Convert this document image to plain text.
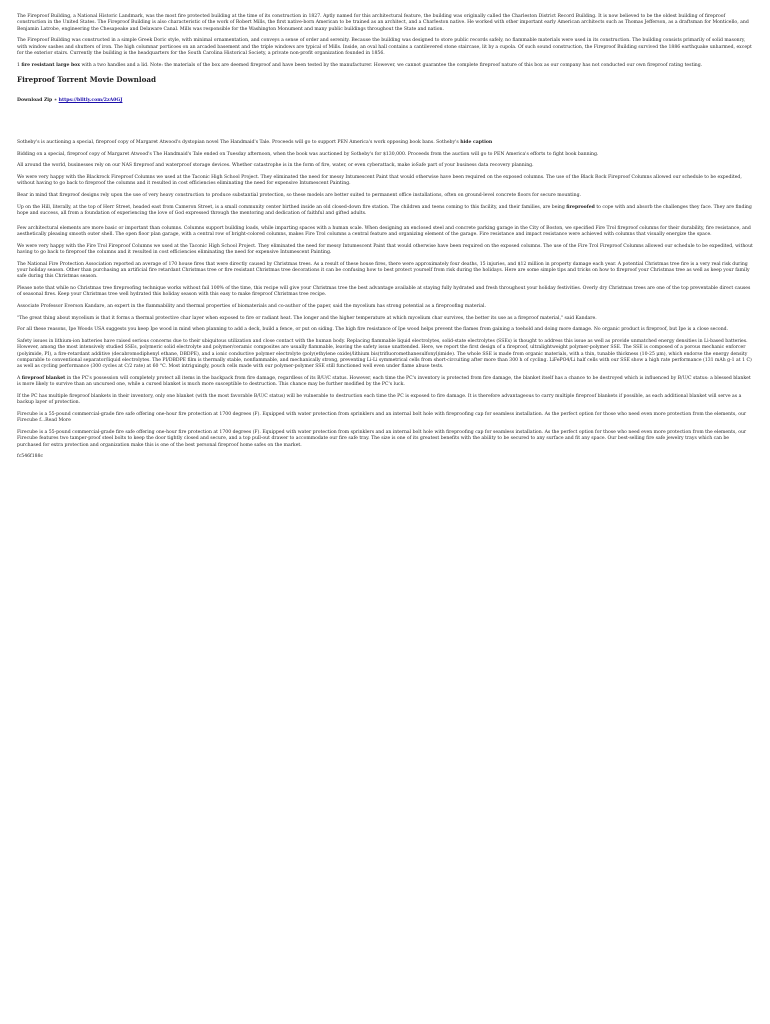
The Fireproof Building, a National Historic Landmark, was the most fire protected building at the time of its construction in 1827. Aptly named for this architectural feature, the building was originally called the Charleston District Record Building. It is now believed to be the oldest building of fireproof construction in the United States. The Fireproof Building is also characteristic of the work of Robert Mills, the first native-born American to be trained as an architect, and a Charleston native. He worked with other important early American architects such as Thomas Jefferson, as a draftsman for Monticello, and Benjamin Latrobe, engineering the Chesapeake and Delaware Canal. Mills was responsible for the Washington Monument and many public buildings throughout the State and nation.

The Fireproof Building was constructed in a simple Greek Doric style, with minimal ornamentation, and conveys a sense of order and serenity. Because the building was designed to store public records safely, no flammable materials were used in its construction. The building consists primarily of solid masonry, with window sashes and shutters of iron. The high columnar porticoes on an arcaded basement and the triple windows are typical of Mills. Inside, an oval hall contains a cantilevered stone staircase, lit by a cupola. Of such sound construction, the Fireproof Building survived the 1886 earthquake unharmed, except for the exterior stairs. Currently the building is the headquarters for the South Carolina Historical Society, a private non-profit organization founded in 1856.

1 fire resistant large box with a two handles and a lid. Note: the materials of the box are deemed fireproof and have been tested by the manufacturer. However, we cannot guarantee the complete fireproof nature of this box as our company has not conducted our own fireproof rating testing.

Fireproof Torrent Movie Download
Download Zip ∗ https://blltly.com/2zA0GJ

Sotheby's is auctioning a special, fireproof copy of Margaret Atwood's dystopian novel The Handmaid's Tale. Proceeds will go to support PEN America's work opposing book bans. Sotheby's hide caption

Bidding on a special, fireproof copy of Margaret Atwood's The Handmaid's Tale ended on Tuesday afternoon, when the book was auctioned by Sotheby's for $130,000. Proceeds from the auction will go to PEN America's efforts to fight book banning.

All around the world, businesses rely on our NAS fireproof and waterproof storage devices. Whether catastrophe is in the form of fire, water, or even cyberattack, make ioSafe part of your business data recovery planning.

We were very happy with the Blackrock Fireproof Columns we used at the Taconic High School Project. They eliminated the need for messy Intumescent Paint that would otherwise have been required on the exposed columns. The use of the Black Rock Fireproof Columns allowed our schedule to be expedited, without having to go back to fireproof the columns and it resulted in cost efficiencies eliminating the need for expensive Intumescent Painting.

Bear in mind that fireproof designs rely upon the use of very heavy construction to produce substantial protection, so these models are better suited to permanent office installations, often on ground-level concrete floors for secure mounting.

Up on the Hill, literally, at the top of Herr Street, headed east from Cameron Street, is a small community center birthed inside an old closed-down fire station. The children and teens coming to this facility, and their families, are being fireproofed to cope with and absorb the challenges they face. They are finding hope and success, all from a foundation of experiencing the love of God expressed through the mentoring and dedication of faithful and gifted adults.

Few architectural elements are more basic or important than columns. Columns support building loads, while imparting spaces with a human scale. When designing an enclosed steel and concrete parking garage in the City of Boston, we specified Fire Trol fireproof columns for their durability, fire resistance, and aesthetically pleasing smooth outer shell. The open floor plan garage, with a central row of bright-colored columns, makes Fire Trol columns a central feature and organizing element of the garage. Fire resistance and impact resistance were achieved with columns that visually energize the space.

We were very happy with the Fire Trol Fireproof Columns we used at the Taconic High School Project. They eliminated the need for messy Intumescent Paint that would otherwise have been required on the exposed columns. The use of the Fire Trol Fireproof Columns allowed our schedule to be expedited, without having to go back to fireproof the columns and it resulted in cost efficiencies eliminating the need for expensive Intumescent Painting.

The National Fire Protection Association reported an average of 170 house fires that were directly caused by Christmas trees. As a result of these house fires, there were approximately four deaths, 15 injuries, and $12 million in property damage each year. A potential Christmas tree fire is a very real risk during your holiday season. Other than purchasing an artificial fire retardant Christmas tree or fire resistant Christmas tree decorations it can be confusing how to best protect yourself from risk during the holidays. Here are some simple tips and tricks on how to fireproof your Christmas tree as well as keep your family safe during this Christmas season.

Please note that while no Christmas tree fireproofing technique works without fail 100% of the time, this recipe will give your Christmas tree the best advantage available at staying fully hydrated and fresh throughout your holiday festivities. Overly dry Christmas trees are one of the top preventable direct causes of seasonal fires. Keep your Christmas tree well hydrated this holiday season with this easy to make fireproof Christmas tree recipe.

Associate Professor Everson Kandare, an expert in the flammability and thermal properties of biomaterials and co-author of the paper, said the mycelium has strong potential as a fireproofing material.

"The great thing about mycelium is that it forms a thermal protective char layer when exposed to fire or radiant heat. The longer and the higher temperature at which mycelium char survives, the better its use as a fireproof material," said Kandare.

For all these reasons, Ipe Woods USA suggests you keep Ipe wood in mind when planning to add a deck, build a fence, or put on siding. The high fire resistance of Ipe wood helps prevent the flames from gaining a toehold and doing more damage. No organic product is fireproof, but Ipe is a close second.

Safety issues in lithium-ion batteries have raised serious concerns due to their ubiquitous utilization and close contact with the human body. Replacing flammable liquid electrolytes, solid-state electrolytes (SSEs) is thought to address this issue as well as provide unmatched energy densities in Li-based batteries. However, among the most intensively studied SSEs, polymeric solid electrolyte and polymer/ceramic composites are usually flammable, leaving the safety issue unattended. Here, we report the first design of a fireproof, ultralightweight polymer-polymer SSE. The SSE is composed of a porous mechanic enforcer (polyimide, PI), a fire-retardant additive (decabromodiphenyl ethane, DBDPE), and a ionic conductive polymer electrolyte (poly(ethylene oxide)/lithium bis(trifluoromethanesulfonyl)imide). The whole SSE is made from organic materials, with a thin, tunable thickness (10-25 μm), which endorse the energy density comparable to conventional separator/liquid electrolytes. The PI/DBDPE film is thermally stable, nonflammable, and mechanically strong, preventing Li-Li symmetrical cells from short-circuiting after more than 300 h of cycling. LiFePO4/Li half cells with our SSE show a high rate performance (131 mAh g-1 at 1 C) as well as cycling performance (300 cycles at C/2 rate) at 60 °C. Most intriguingly, pouch cells made with our polymer-polymer SSE still functioned well even under flame abuse tests.

A fireproof blanket in the PC's possession will completely protect all items in the backpack from fire damage, regardless of its B/U/C status. However, each time the PC's inventory is protected from fire damage, the blanket itself has a chance to be destroyed which is influenced by B/U/C status: a blessed blanket is more likely to survive than an uncursed one, while a cursed blanket is much more susceptible to destruction. This chance may be further modified by the PC's luck.

If the PC has multiple fireproof blankets in their inventory, only one blanket (with the most favorable B/U/C status) will be vulnerable to destruction each time the PC is exposed to fire damage. It is therefore advantageous to carry multiple fireproof blankets if possible, as each additional blanket will serve as a backup layer of protection.

Firecube is a 55-pound commercial-grade fire safe offering one-hour fire protection at 1700 degrees (F). Equipped with water protection from sprinklers and an internal bolt hole with fireproofing cap for seamless installation. As the perfect option for those who need even more protection from the elements, our Firecube f...Read More

Firecube is a 55-pound commercial-grade fire safe offering one-hour fire protection at 1700 degrees (F). Equipped with water protection from sprinklers and an internal bolt hole with fireproofing cap for seamless installation. As the perfect option for those who need even more protection from the elements, our Firecube features two tamper-proof steel bolts to keep the door tightly closed and secure, and a top pull-out drawer to accommodate our fire safe tray. The size is one of its greatest benefits with the ability to be secured to any surface and fit any space. Our best-selling fire safe jewelry trays which can be purchased for extra protection and organization make this is one of the best personal fireproof home safes on the market.

fc546f188c
